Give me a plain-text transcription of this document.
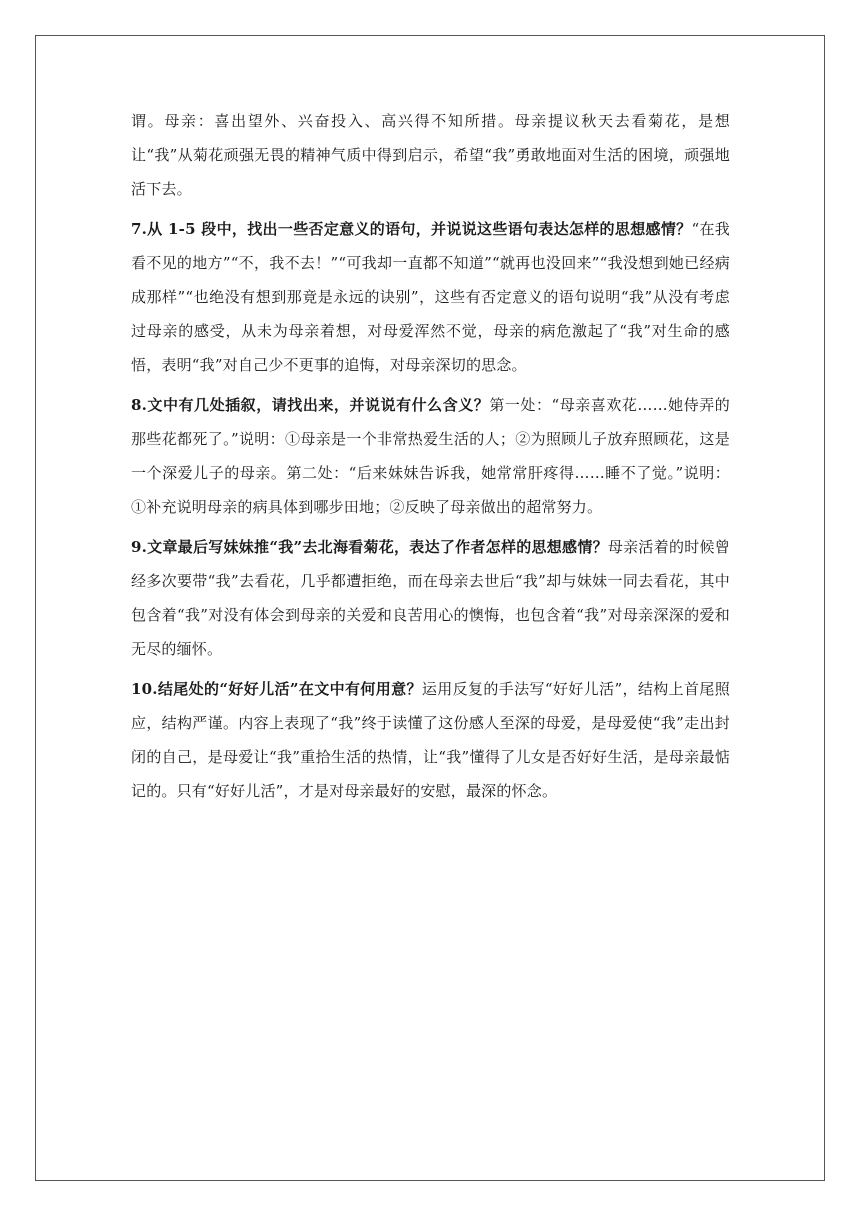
谓。母亲：喜出望外、兴奋投入、高兴得不知所措。母亲提议秋天去看菊花，是想让“我”从菊花顽强无畏的精神气质中得到启示，希望“我”勇敢地面对生活的困境，顽强地活下去。

7.从 1-5 段中，找出一些否定意义的语句，并说说这些语句表达怎样的思想感情？“在我看不见的地方”“不，我不去！”“可我却一直都不知道”“就再也没回来”“我没想到她已经病成那样”“也绝没有想到那竟是永远的诀别”，这些有否定意义的语句说明“我”从没有考虑过母亲的感受，从未为母亲着想，对母爱浑然不觉，母亲的病危激起了“我”对生命的感悟，表明“我”对自己少不更事的追悔，对母亲深切的思念。

8.文中有几处插叙，请找出来，并说说有什么含义？第一处：“母亲喜欢花……她侍弄的那些花都死了。”说明：①母亲是一个非常热爱生活的人；②为照顾儿子放弃照顾花，这是一个深爱儿子的母亲。第二处：“后来妹妹告诉我，她常常肝疼得……睡不了觉。”说明：①补充说明母亲的病具体到哪步田地；②反映了母亲做出的超常努力。

9.文章最后写妹妹推“我”去北海看菊花，表达了作者怎样的思想感情？母亲活着的时候曾经多次要带“我”去看花，几乎都遭拒绝，而在母亲去世后“我”却与妹妹一同去看花，其中包含着“我”对没有体会到母亲的关爱和良苦用心的懊悔，也包含着“我”对母亲深深的爱和无尽的缅怀。

10.结尾处的“好好儿活”在文中有何用意？运用反复的手法写“好好儿活”，结构上首尾照应，结构严谨。内容上表现了“我”终于读懂了这份感人至深的母爱，是母爱使“我”走出封闭的自己，是母爱让“我”重拾生活的热情，让“我”懂得了儿女是否好好生活，是母亲最惦记的。只有“好好儿活”，才是对母亲最好的安慰，最深的怀念。
